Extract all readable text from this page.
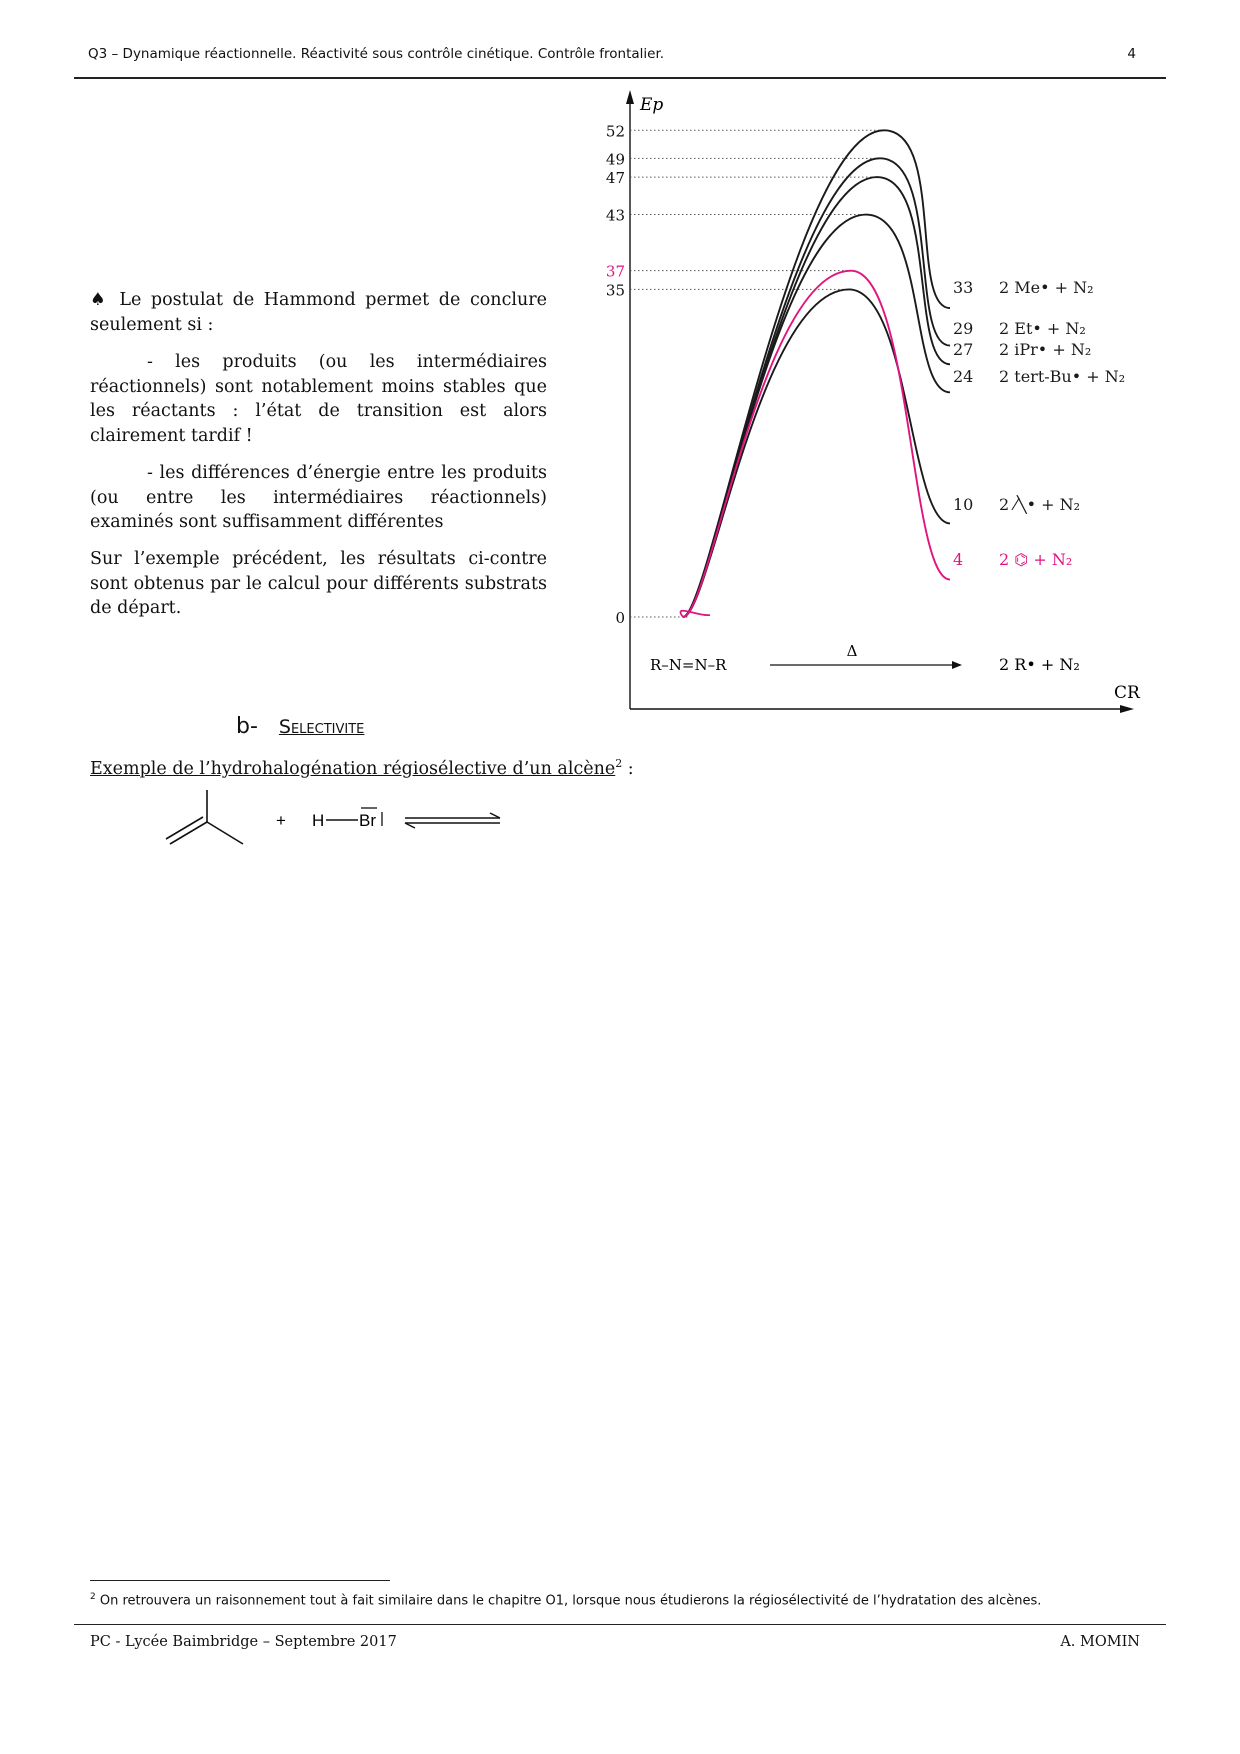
Q3 – Dynamique réactionnelle. Réactivité sous contrôle cinétique. Contrôle frontalier.	4
♠ Le postulat de Hammond permet de conclure seulement si :
- les produits (ou les intermédiaires réactionnels) sont notablement moins stables que les réactants : l’état de transition est alors clairement tardif !
- les différences d’énergie entre les produits (ou entre les intermédiaires réactionnels) examinés sont suffisamment différentes
Sur l’exemple précédent, les résultats ci-contre sont obtenus par le calcul pour différents substrats de départ.
b- Selectivite
Exemple de l’hydrohalogénation régiosélective d’un alcène$^2$ :
+ H Br
Ep
CR
0
35
37
43
47
49
52
33 2 Me• + N₂
29 2 Et• + N₂
27 2 iPr• + N₂
24 2 tert-Bu• + N₂
10 2 ⁄╲• + N₂
4 2 ⌬ + N₂
R–N=N–R
Δ
2 R• + N₂
$^2$ On retrouvera un raisonnement tout à fait similaire dans le chapitre O1, lorsque nous étudierons la régiosélectivité de l’hydratation des alcènes.
PC - Lycée Baimbridge – Septembre 2017	A. MOMIN
